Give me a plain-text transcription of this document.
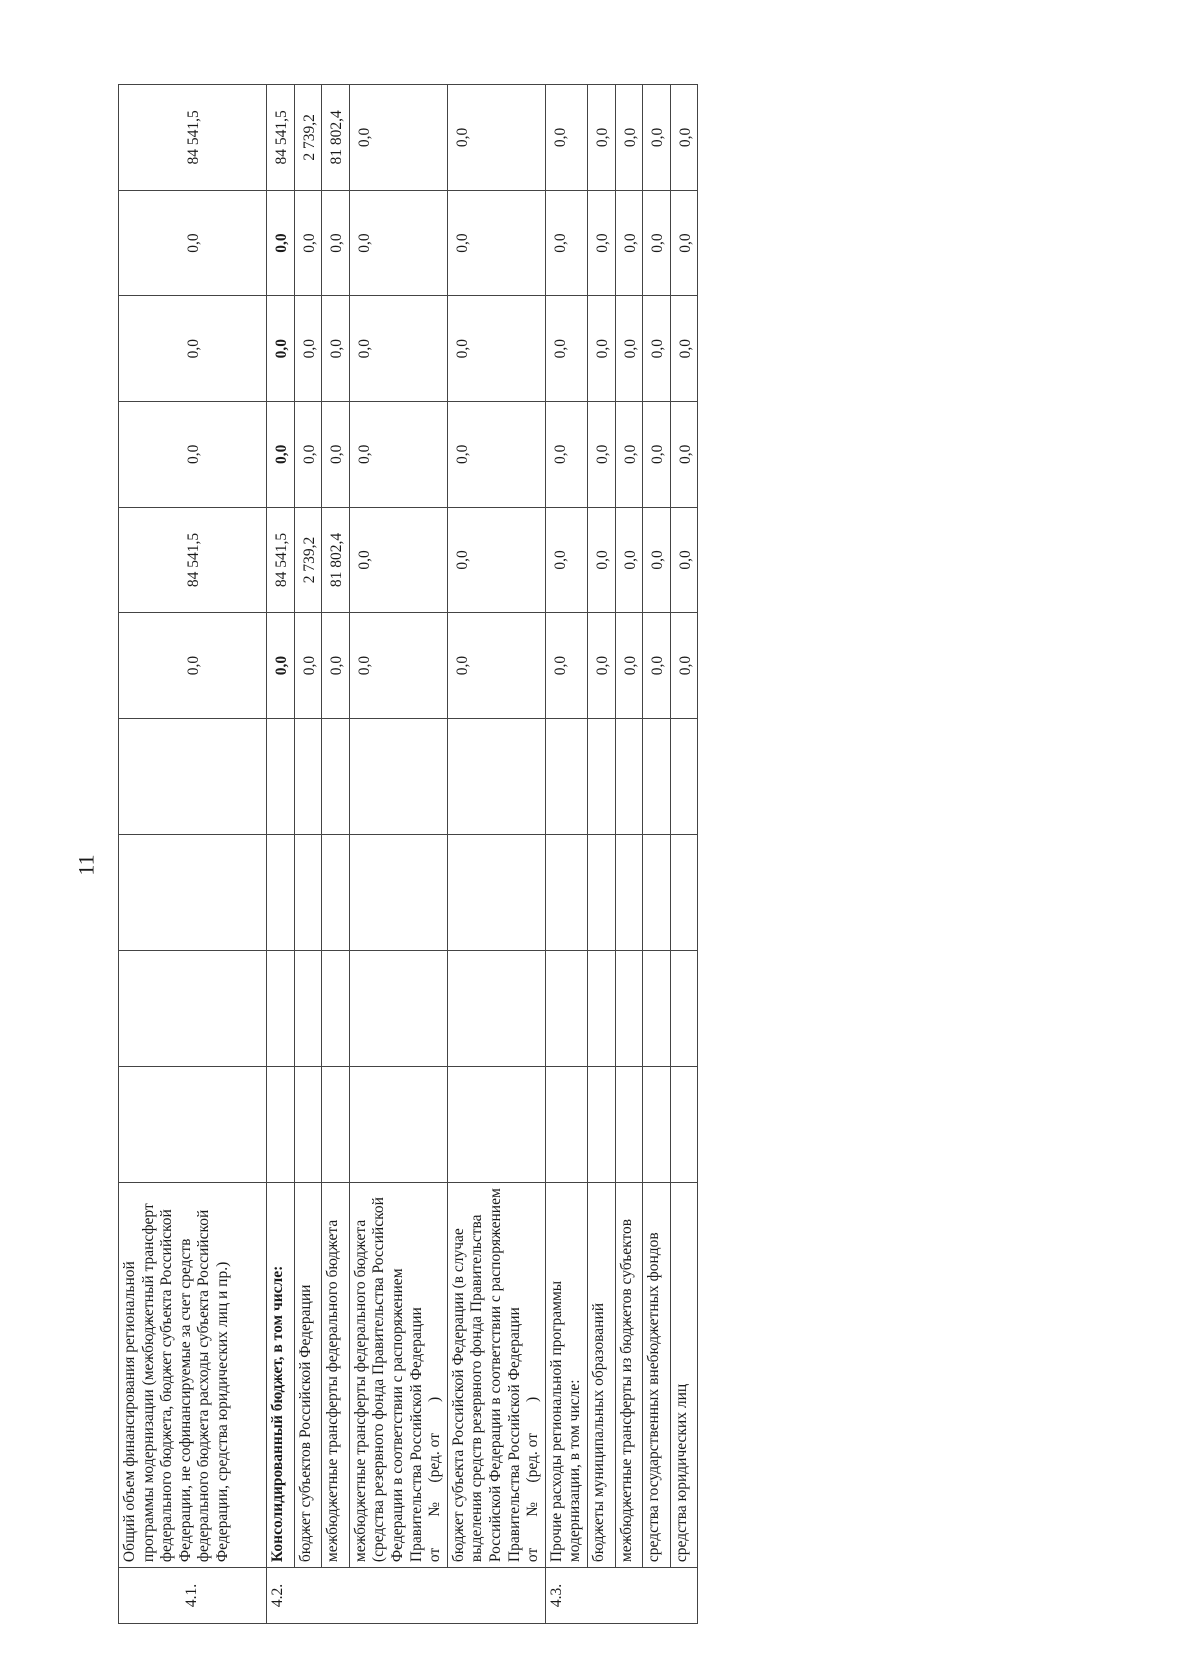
11
4.1.	Общий объем финансирования региональной программы модернизации (межбюджетный трансферт федерального бюджета, бюджет субъекта Российской Федерации, не софинансируемые за счет средств федерального бюджета расходы субъекта Российской Федерации, средства юридических лиц и пр.)					0,0	84 541,5	0,0	0,0	0,0	84 541,5
4.2.	Консолидированный бюджет, в том числе:					0,0	84 541,5	0,0	0,0	0,0	84 541,5
	бюджет субъектов Российской Федерации					0,0	2 739,2	0,0	0,0	0,0	2 739,2
	межбюджетные трансферты федерального бюджета					0,0	81 802,4	0,0	0,0	0,0	81 802,4

	межбюджетные трансферты федерального бюджета (средства резервного фонда Правительства Российской Федерации в соответствии с распоряжением Правительства Российской Федерации от        №     (ред. от        )					0,0	0,0	0,0	0,0	0,0	0,0

	бюджет субъекта Российской Федерации (в случае выделения средств резервного фонда Правительства Российской Федерации в соответствии с распоряжением Правительства Российской Федерации от        №     (ред. от        )					0,0	0,0	0,0	0,0	0,0	0,0
4.3.	Прочие расходы региональной программы модернизации, в том числе:					0,0	0,0	0,0	0,0	0,0	0,0
	бюджеты муниципальных образований					0,0	0,0	0,0	0,0	0,0	0,0
	межбюджетные трансферты из бюджетов субъектов					0,0	0,0	0,0	0,0	0,0	0,0
	средства государственных внебюджетных фондов					0,0	0,0	0,0	0,0	0,0	0,0
	средства юридических лиц					0,0	0,0	0,0	0,0	0,0	0,0
